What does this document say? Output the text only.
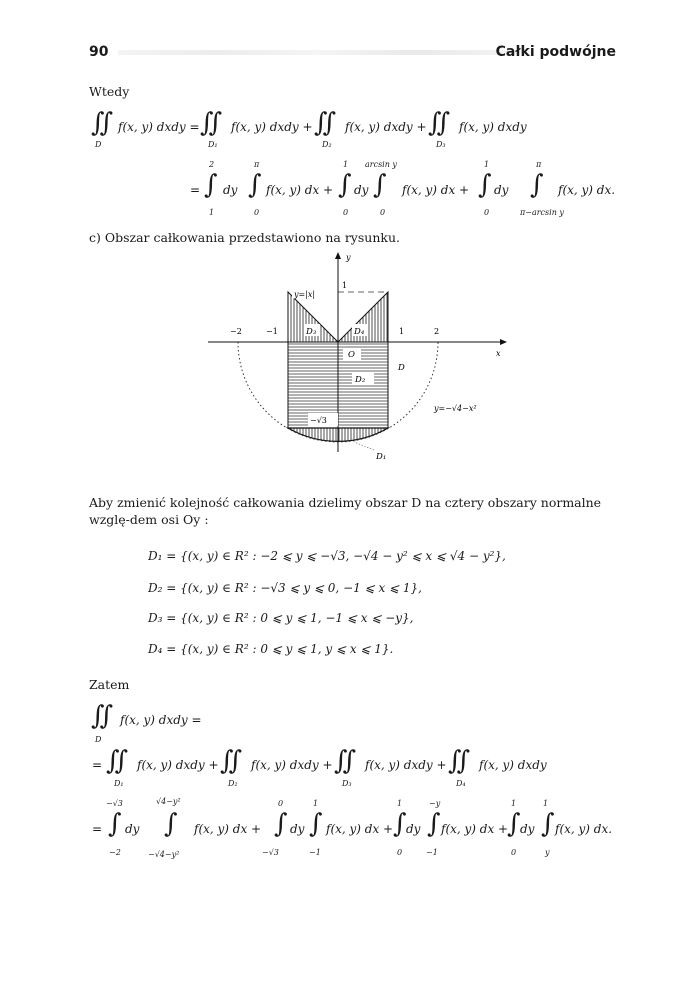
90	Całki podwójne
Wtedy
∬ f(x, y) dxdy =
D
∬ f(x, y) dxdy +
D₁
∬ f(x, y) dxdy +
D₂
∬ f(x, y) dxdy
D₃
=
2
∫
1
dy
π
∫
0
f(x, y) dx +
1
∫
0
dy
arcsin y
∫
0
f(x, y) dx +
1
∫
0
dy
π
∫
π−arcsin y
f(x, y) dx.
c) Obszar całkowania przedstawiono na rysunku.
y
x
1
−2	−1	1	2
y=|x|
D₃	D₄
O
D₂
D
−√3
y=−√4−x²
D₁
Aby zmienić kolejność całkowania dzielimy obszar D na cztery obszary normalne wzglę-dem osi Oy :
D₁ = {(x, y) ∈ R² : −2 ⩽ y ⩽ −√3, −√4 − y² ⩽ x ⩽ √4 − y²},
D₂ = {(x, y) ∈ R² : −√3 ⩽ y ⩽ 0, −1 ⩽ x ⩽ 1},
D₃ = {(x, y) ∈ R² : 0 ⩽ y ⩽ 1, −1 ⩽ x ⩽ −y},
D₄ = {(x, y) ∈ R² : 0 ⩽ y ⩽ 1, y ⩽ x ⩽ 1}.
Zatem
∬ f(x, y) dxdy =
D
= ∬ f(x, y) dxdy +
D₁
∬ f(x, y) dxdy +
D₂
∬ f(x, y) dxdy +
D₃
∬ f(x, y) dxdy
D₄
=
−√3
∫
−2
dy
√4−y²
∫
−√4−y²
f(x, y) dx +
0
∫
−√3
dy
1
∫
−1
f(x, y) dx +
1
∫
0
dy
−y
∫
−1
f(x, y) dx +
1
∫
0
dy
1
∫
y
f(x, y) dx.
